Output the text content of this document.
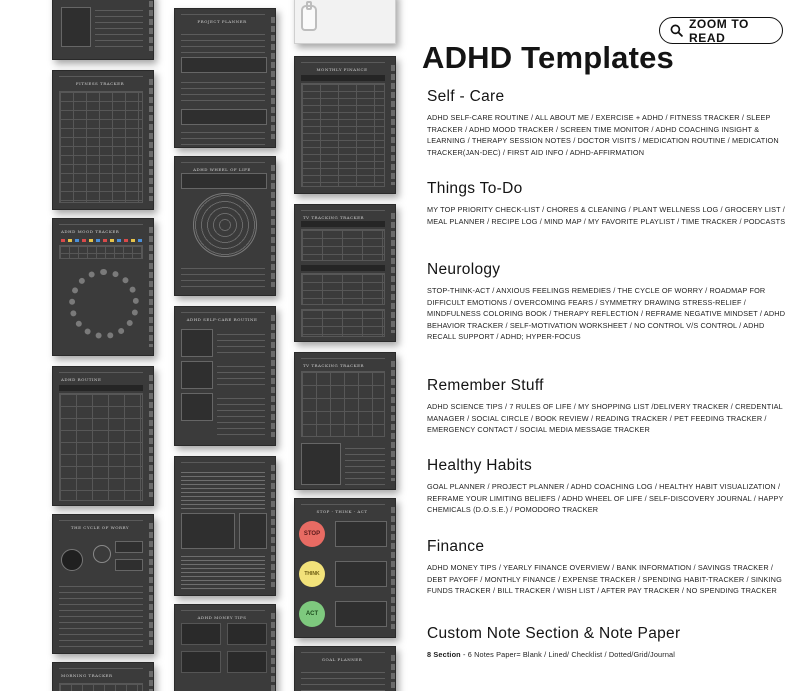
FITNESS TRACKER
ADHD MOOD TRACKER
ADHD ROUTINE
THE CYCLE OF WORRY
MORNING TRACKER
PROJECT PLANNER
ADHD WHEEL OF LIFE
ADHD SELF-CARE ROUTINE
ADHD MONEY TIPS
MONTHLY FINANCE
TV TRACKING TRACKER
TV TRACKING TRACKER
STOP - THINK - ACT
STOP
THINK
ACT
GOAL PLANNER
ZOOM TO READ
ADHD Templates
Self - Care
ADHD SELF-CARE ROUTINE / ALL ABOUT ME / EXERCISE + ADHD / FITNESS TRACKER / SLEEP TRACKER / ADHD MOOD TRACKER / SCREEN TIME MONITOR / ADHD COACHING INSIGHT & LEARNING / THERAPY SESSION NOTES / DOCTOR VISITS / MEDICATION ROUTINE / MEDICATION TRACKER(JAN-DEC) / FIRST AID INFO / ADHD-AFFIRMATION
Things To-Do
MY TOP PRIORITY CHECK-LIST / CHORES & CLEANING / PLANT WELLNESS LOG / GROCERY LIST / MEAL PLANNER / RECIPE LOG / MIND MAP / MY FAVORITE PLAYLIST / TIME TRACKER / PODCASTS
Neurology
STOP-THINK-ACT / ANXIOUS FEELINGS REMEDIES / THE CYCLE OF WORRY / ROADMAP FOR DIFFICULT EMOTIONS / OVERCOMING FEARS / SYMMETRY DRAWING STRESS-RELIEF / MINDFULNESS COLORING BOOK / THERAPY REFLECTION / REFRAME NEGATIVE MINDSET / ADHD BEHAVIOR TRACKER / SELF-MOTIVATION WORKSHEET / NO CONTROL V/S CONTROL / ADHD RECALL SUPPORT / ADHD; HYPER-FOCUS
Remember Stuff
ADHD SCIENCE TIPS / 7 RULES OF LIFE / MY SHOPPING LIST /DELIVERY TRACKER / CREDENTIAL MANAGER / SOCIAL CIRCLE / BOOK REVIEW / READING TRACKER / PET FEEDING TRACKER / EMERGENCY CONTACT / SOCIAL MEDIA MESSAGE TRACKER
Healthy Habits
GOAL PLANNER / PROJECT PLANNER / ADHD COACHING LOG / HEALTHY HABIT VISUALIZATION / REFRAME YOUR LIMITING BELIEFS / ADHD WHEEL OF LIFE / SELF-DISCOVERY JOURNAL / HAPPY CHEMICALS (D.O.S.E.) / POMODORO TRACKER
Finance
ADHD MONEY TIPS / YEARLY FINANCE OVERVIEW / BANK INFORMATION / SAVINGS TRACKER / DEBT PAYOFF / MONTHLY FINANCE / EXPENSE TRACKER / SPENDING HABIT-TRACKER / SINKING FUNDS TRACKER / BILL TRACKER / WISH LIST / AFTER PAY TRACKER / NO SPENDING TRACKER
Custom Note Section & Note Paper
8 Section - 6 Notes Paper= Blank / Lined/ Checklist / Dotted/Grid/Journal
